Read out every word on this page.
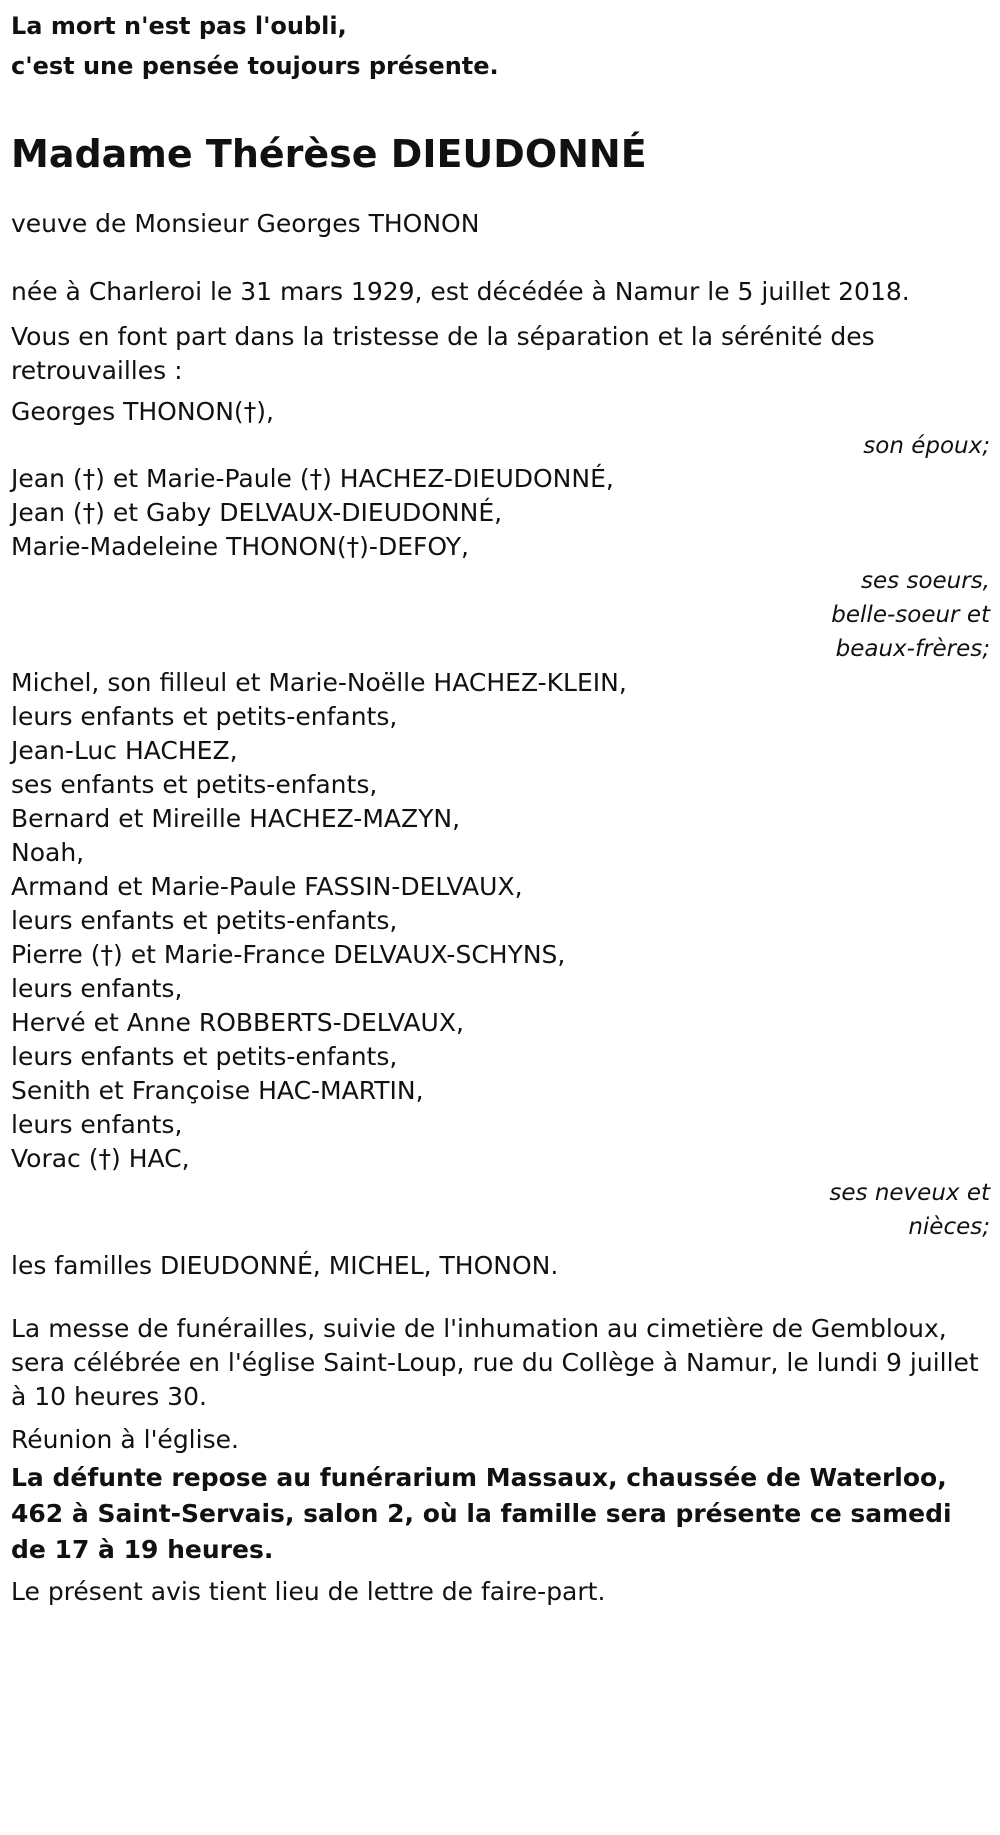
La mort n'est pas l'oubli,

c'est une pensée toujours présente.

Madame Thérèse DIEUDONNÉ

veuve de Monsieur Georges THONON

née à Charleroi le 31 mars 1929, est décédée à Namur le 5 juillet 2018.

Vous en font part dans la tristesse de la séparation et la sérénité des retrouvailles :

Georges THONON(†),

son époux;

Jean (†) et Marie-Paule (†) HACHEZ-DIEUDONNÉ,
Jean (†) et Gaby DELVAUX-DIEUDONNÉ,
Marie-Madeleine THONON(†)-DEFOY,

ses soeurs,

belle-soeur et

beaux-frères;

Michel, son filleul et Marie-Noëlle HACHEZ-KLEIN,
leurs enfants et petits-enfants,
Jean-Luc HACHEZ,
ses enfants et petits-enfants,
Bernard et Mireille HACHEZ-MAZYN,
Noah,
Armand et Marie-Paule FASSIN-DELVAUX,
leurs enfants et petits-enfants,
Pierre (†) et Marie-France DELVAUX-SCHYNS,
leurs enfants,
Hervé et Anne ROBBERTS-DELVAUX,
leurs enfants et petits-enfants,
Senith et Françoise HAC-MARTIN,
leurs enfants,
Vorac (†) HAC,

ses neveux et

nièces;

les familles DIEUDONNÉ, MICHEL, THONON.

La messe de funérailles, suivie de l'inhumation au cimetière de Gembloux, sera célébrée en l'église Saint-Loup, rue du Collège à Namur, le lundi 9 juillet à 10 heures 30.

Réunion à l'église.

La défunte repose au funérarium Massaux, chaussée de Waterloo, 462 à Saint-Servais, salon 2, où la famille sera présente ce samedi de 17 à 19 heures.

Le présent avis tient lieu de lettre de faire-part.
